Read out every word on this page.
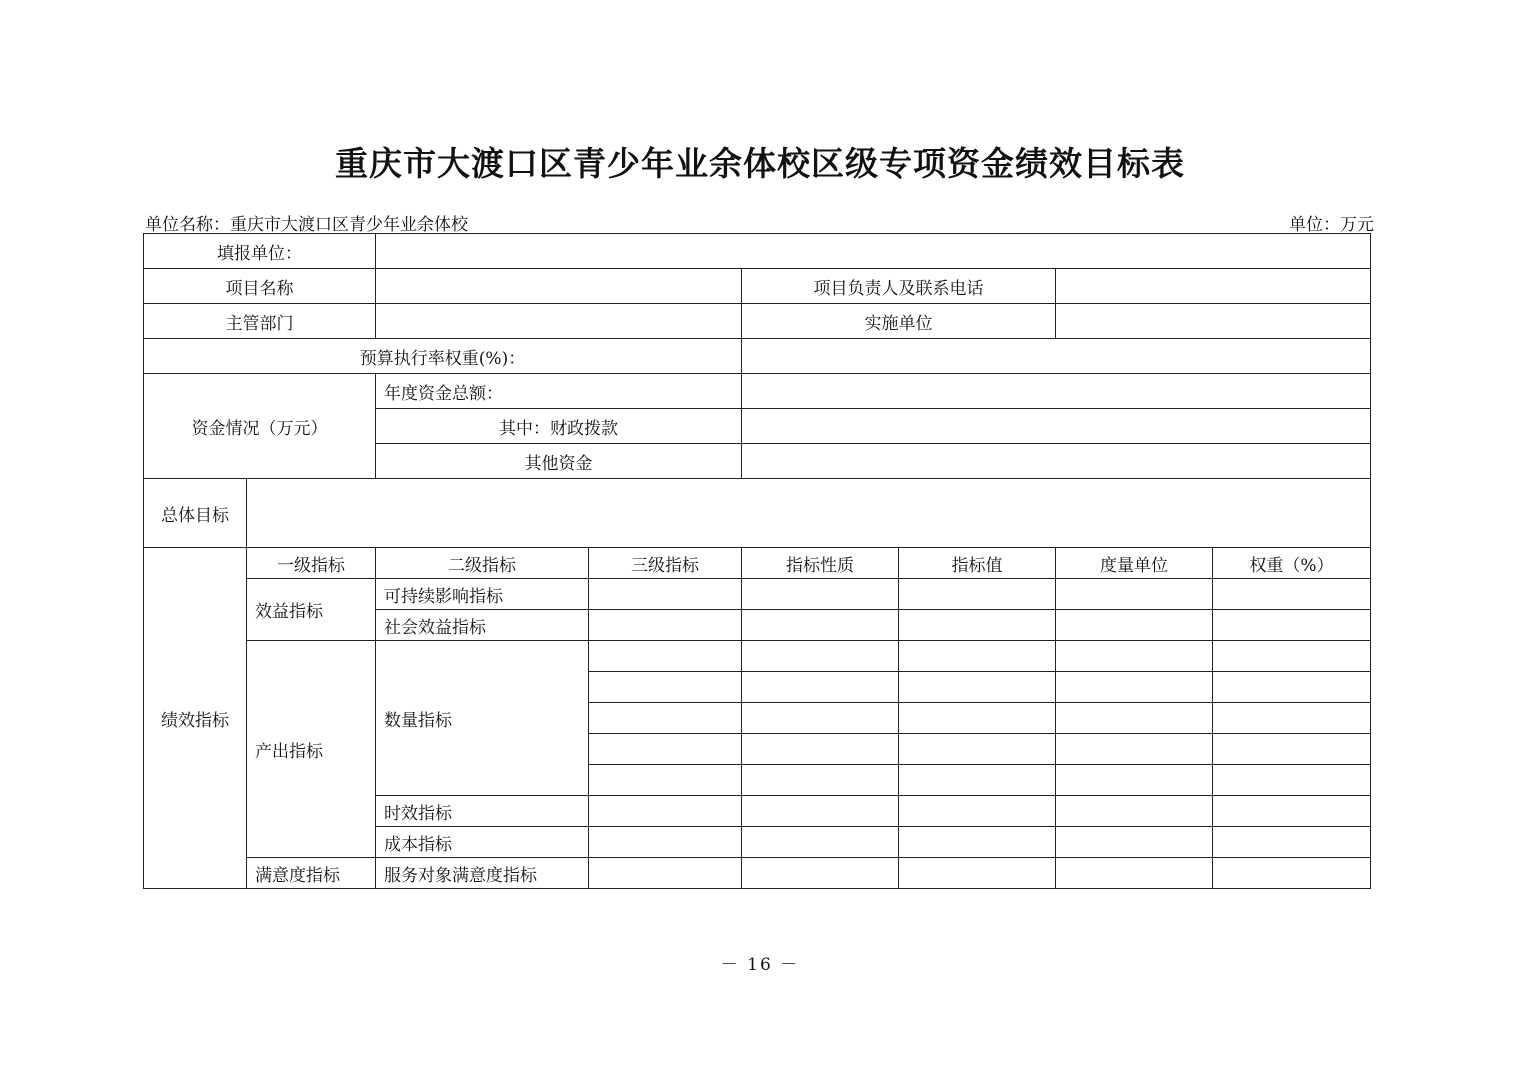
重庆市大渡口区青少年业余体校区级专项资金绩效目标表
单位名称：重庆市大渡口区青少年业余体校	单位：万元
填报单位：							
项目名称				项目负责人及联系电话			
主管部门				实施单位			
预算执行率权重(%)：							
资金情况（万元）		年度资金总额：					
		其中：财政拨款					
		其他资金					
总体目标							
绩效指标	一级指标	二级指标	三级指标	指标性质	指标值	度量单位	权重（%）
	效益指标	可持续影响指标					
		社会效益指标					
	产出指标	数量指标					

		时效指标					
		成本指标					
	满意度指标	服务对象满意度指标					
－ 16 －
